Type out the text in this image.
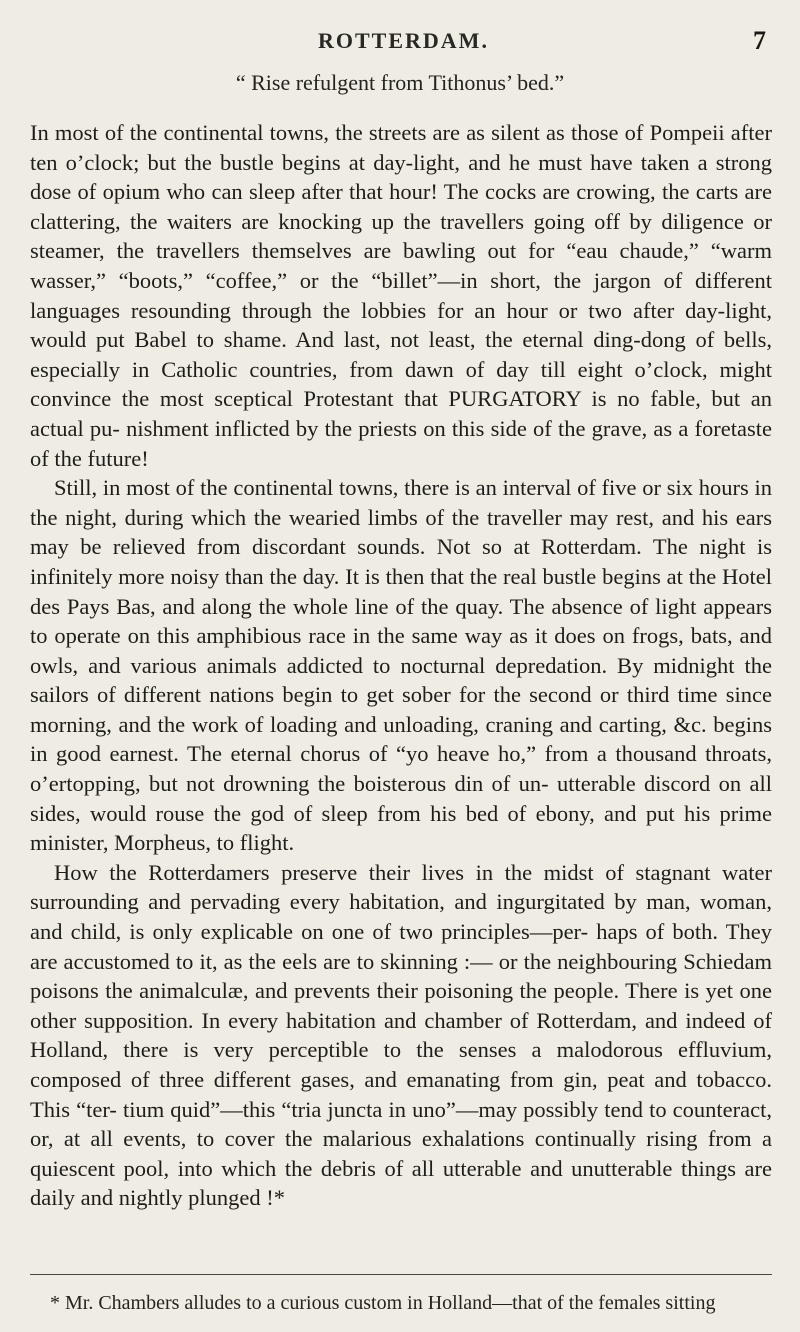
ROTTERDAM.	7
“ Rise refulgent from Tithonus’ bed.”

In most of the continental towns, the streets are as silent as those of Pompeii after ten o’clock; but the bustle begins at day-light, and he must have taken a strong dose of opium who can sleep after that hour! The cocks are crowing, the carts are clattering, the waiters are knocking up the travellers going off by diligence or steamer, the travellers themselves are bawling out for “eau chaude,” “warm wasser,” “boots,” “coffee,” or the “billet”—in short, the jargon of different languages resounding through the lobbies for an hour or two after day-light, would put Babel to shame. And last, not least, the eternal ding-dong of bells, especially in Catholic countries, from dawn of day till eight o’clock, might convince the most sceptical Protestant that PURGATORY is no fable, but an actual pu- nishment inflicted by the priests on this side of the grave, as a foretaste of the future!

Still, in most of the continental towns, there is an interval of five or six hours in the night, during which the wearied limbs of the traveller may rest, and his ears may be relieved from discordant sounds. Not so at Rotterdam. The night is infinitely more noisy than the day. It is then that the real bustle begins at the Hotel des Pays Bas, and along the whole line of the quay. The absence of light appears to operate on this amphibious race in the same way as it does on frogs, bats, and owls, and various animals addicted to nocturnal depredation. By midnight the sailors of different nations begin to get sober for the second or third time since morning, and the work of loading and unloading, craning and carting, &c. begins in good earnest. The eternal chorus of “yo heave ho,” from a thousand throats, o’ertopping, but not drowning the boisterous din of un- utterable discord on all sides, would rouse the god of sleep from his bed of ebony, and put his prime minister, Morpheus, to flight.

How the Rotterdamers preserve their lives in the midst of stagnant water surrounding and pervading every habitation, and ingurgitated by man, woman, and child, is only explicable on one of two principles—per- haps of both. They are accustomed to it, as the eels are to skinning :— or the neighbouring Schiedam poisons the animalculæ, and prevents their poisoning the people. There is yet one other supposition. In every habitation and chamber of Rotterdam, and indeed of Holland, there is very perceptible to the senses a malodorous effluvium, composed of three different gases, and emanating from gin, peat and tobacco. This “ter- tium quid”—this “tria juncta in uno”—may possibly tend to counteract, or, at all events, to cover the malarious exhalations continually rising from a quiescent pool, into which the debris of all utterable and unutterable things are daily and nightly plunged !*

* Mr. Chambers alludes to a curious custom in Holland—that of the females sitting
